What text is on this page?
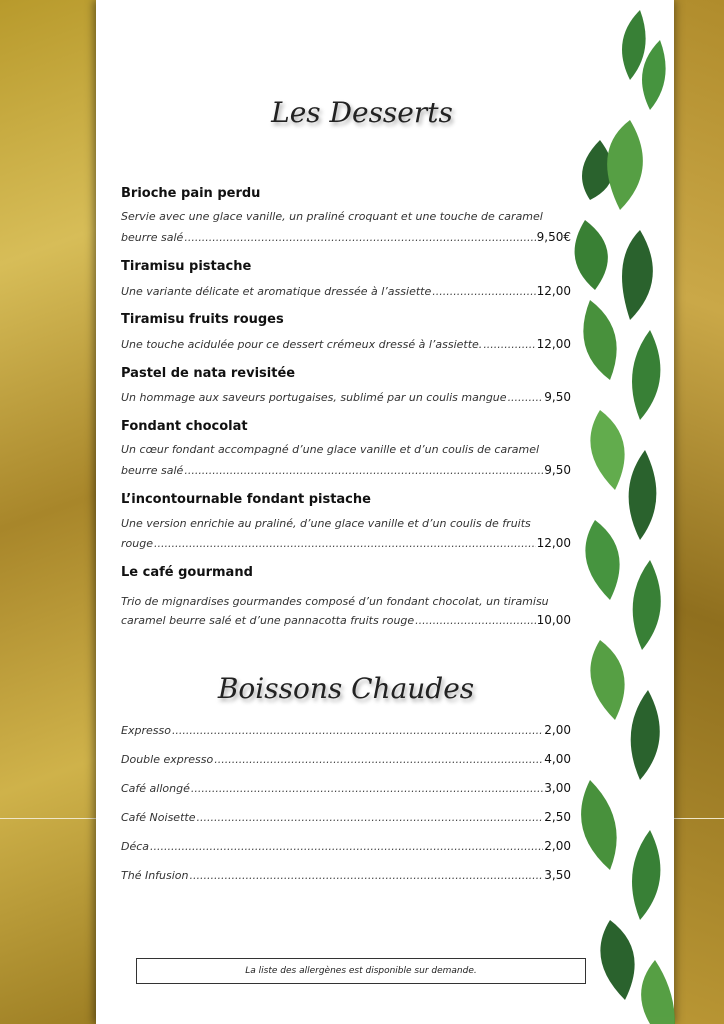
Les Desserts
Brioche pain perdu
Servie avec une glace vanille, un praliné croquant et une touche de caramel
beurre salé .....	9,50€
Tiramisu pistache
Une variante délicate et aromatique dressée à l’assiette .....	12,00
Tiramisu fruits rouges
Une touche acidulée pour ce dessert crémeux dressé à l’assiette. .....	12,00
Pastel de nata revisitée
Un hommage aux saveurs portugaises, sublimé par un coulis mangue .....	9,50
Fondant chocolat
Un cœur fondant accompagné d’une glace vanille et d’un coulis de caramel
beurre salé .....	9,50
L’incontournable fondant pistache
Une version enrichie au praliné, d’une glace vanille et d’un coulis de fruits
rouge .....	12,00
Le café gourmand
Trio de mignardises gourmandes composé d’un fondant chocolat, un tiramisu
caramel beurre salé et d’une pannacotta fruits rouge .....	10,00
Boissons Chaudes
Expresso .....	2,00
Double expresso .....	4,00
Café allongé .....	3,00
Café Noisette .....	2,50
Déca .....	2,00
Thé Infusion .....	3,50
La liste des allergènes est disponible sur demande.
